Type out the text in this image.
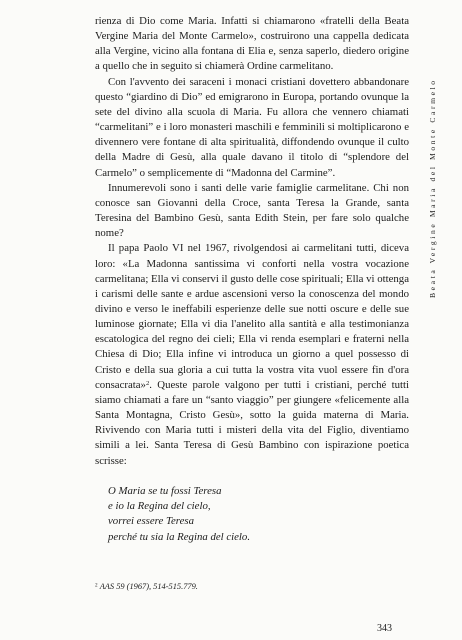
rienza di Dio come Maria. Infatti si chiamarono «fratelli della Beata Vergine Maria del Monte Carmelo», costruirono una cappella dedicata alla Vergine, vicino alla fontana di Elia e, senza saperlo, diedero origine a quello che in seguito si chiamerà Ordine carmelitano.

Con l'avvento dei saraceni i monaci cristiani dovettero abbandonare questo “giardino di Dio” ed emigrarono in Europa, portando ovunque la sete del divino alla scuola di Maria. Fu allora che vennero chiamati “carmelitani” e i loro monasteri maschili e femminili si moltiplicarono e divennero vere fontane di alta spiritualità, diffondendo ovunque il culto della Madre di Gesù, alla quale davano il titolo di “splendore del Carmelo” o semplicemente di “Madonna del Carmine”.

Innumerevoli sono i santi delle varie famiglie carmelitane. Chi non conosce san Giovanni della Croce, santa Teresa la Grande, santa Teresina del Bambino Gesù, santa Edith Stein, per fare solo qualche nome?

Il papa Paolo VI nel 1967, rivolgendosi ai carmelitani tutti, diceva loro: «La Madonna santissima vi conforti nella vostra vocazione carmelitana; Ella vi conservi il gusto delle cose spirituali; Ella vi ottenga i carismi delle sante e ardue ascensioni verso la conoscenza del mondo divino e verso le ineffabili esperienze delle sue notti oscure e delle sue luminose giornate; Ella vi dia l'anelito alla santità e alla testimonianza escatologica del regno dei cieli; Ella vi renda esemplari e fraterni nella Chiesa di Dio; Ella infine vi introduca un giorno a quel possesso di Cristo e della sua gloria a cui tutta la vostra vita vuol essere fin d'ora consacrata»$^2$. Queste parole valgono per tutti i cristiani, perché tutti siamo chiamati a fare un “santo viaggio” per giungere «felicemente alla Santa Montagna, Cristo Gesù», sotto la guida materna di Maria. Rivivendo con Maria tutti i misteri della vita del Figlio, diventiamo simili a lei. Santa Teresa di Gesù Bambino con ispirazione poetica scrisse:

O Maria se tu fossi Teresa
e io la Regina del cielo,
vorrei essere Teresa
perché tu sia la Regina del cielo.
$^2$ AAS 59 (1967), 514-515.779.
343
Beata Vergine Maria del Monte Carmelo
